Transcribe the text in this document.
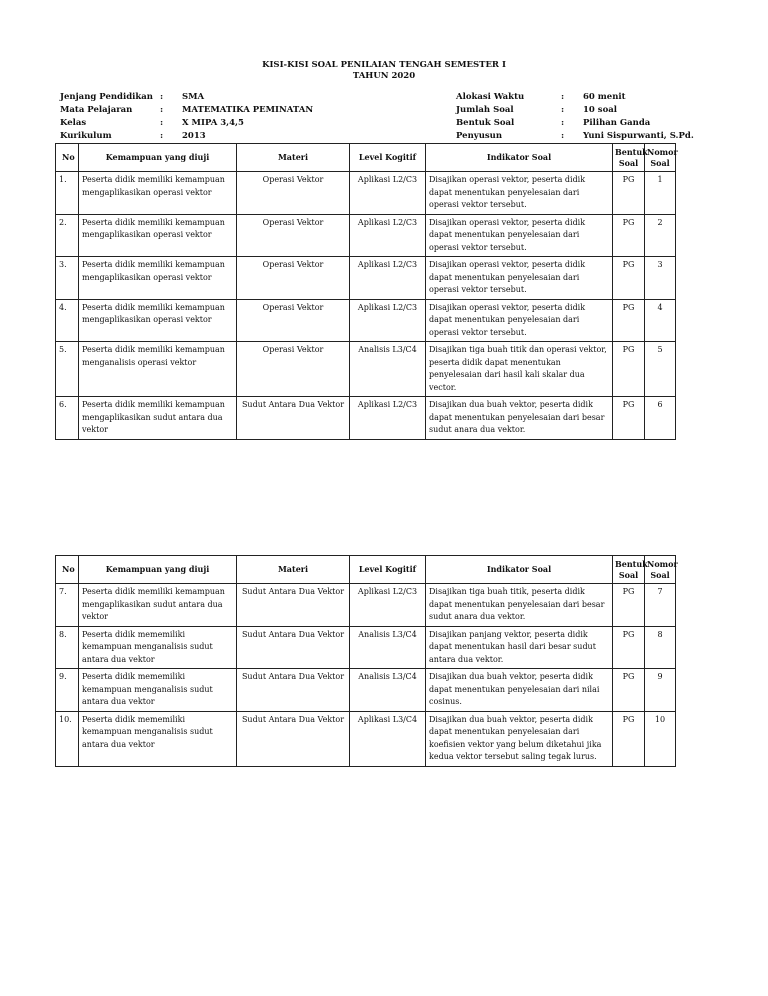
KISI-KISI SOAL PENILAIAN TENGAH SEMESTER I
TAHUN 2020
Jenjang Pendidikan	:	SMA
Mata Pelajaran	:	MATEMATIKA PEMINATAN
Kelas	:	X MIPA 3,4,5
Kurikulum	:	2013
Alokasi Waktu	:	60 menit
Jumlah Soal	:	10 soal
Bentuk Soal	:	Pilihan Ganda
Penyusun	:	Yuni Sispurwanti, S.Pd.
No	Kemampuan yang diuji	Materi	Level Kogitif	Indikator Soal	Bentuk Soal	Nomor Soal
1.	Peserta didik memiliki kemampuan mengaplikasikan operasi vektor	Operasi Vektor	Aplikasi L2/C3	Disajikan operasi vektor, peserta didik dapat menentukan penyelesaian dari operasi vektor tersebut.	PG	1
2.	Peserta didik memiliki kemampuan mengaplikasikan operasi vektor	Operasi Vektor	Aplikasi L2/C3	Disajikan operasi vektor, peserta didik dapat menentukan penyelesaian dari operasi vektor tersebut.	PG	2
3.	Peserta didik memiliki kemampuan mengaplikasikan operasi vektor	Operasi Vektor	Aplikasi L2/C3	Disajikan operasi vektor, peserta didik dapat menentukan penyelesaian dari operasi vektor tersebut.	PG	3
4.	Peserta didik memiliki kemampuan mengaplikasikan operasi vektor	Operasi Vektor	Aplikasi L2/C3	Disajikan operasi vektor, peserta didik dapat menentukan penyelesaian dari operasi vektor tersebut.	PG	4
5.	Peserta didik memiliki kemampuan menganalisis operasi vektor	Operasi Vektor	Analisis L3/C4	Disajikan tiga buah titik dan operasi vektor, peserta didik dapat menentukan penyelesaian dari hasil kali skalar dua vector.	PG	5
6.	Peserta didik memiliki kemampuan mengaplikasikan sudut antara dua vektor	Sudut Antara Dua Vektor	Aplikasi L2/C3	Disajikan dua buah vektor, peserta didik dapat menentukan penyelesaian dari besar sudut anara dua vektor.	PG	6
No	Kemampuan yang diuji	Materi	Level Kogitif	Indikator Soal	Bentuk Soal	Nomor Soal
7.	Peserta didik memiliki kemampuan mengaplikasikan sudut antara dua vektor	Sudut Antara Dua Vektor	Aplikasi L2/C3	Disajikan tiga buah titik, peserta didik dapat menentukan penyelesaian dari besar sudut anara dua vektor.	PG	7
8.	Peserta didik mememiliki kemampuan menganalisis sudut antara dua vektor	Sudut Antara Dua Vektor	Analisis L3/C4	Disajikan panjang vektor, peserta didik dapat menentukan hasil dari besar sudut antara dua vektor.	PG	8
9.	Peserta didik mememiliki kemampuan menganalisis sudut antara dua vektor	Sudut Antara Dua Vektor	Analisis L3/C4	Disajikan dua buah vektor, peserta didik dapat menentukan penyelesaian dari nilai cosinus.	PG	9
10.	Peserta didik mememiliki kemampuan menganalisis sudut antara dua vektor	Sudut Antara Dua Vektor	Aplikasi L3/C4	Disajikan dua buah vektor, peserta didik dapat menentukan penyelesaian dari koefisien vektor yang belum diketahui jika kedua vektor tersebut saling tegak lurus.	PG	10
